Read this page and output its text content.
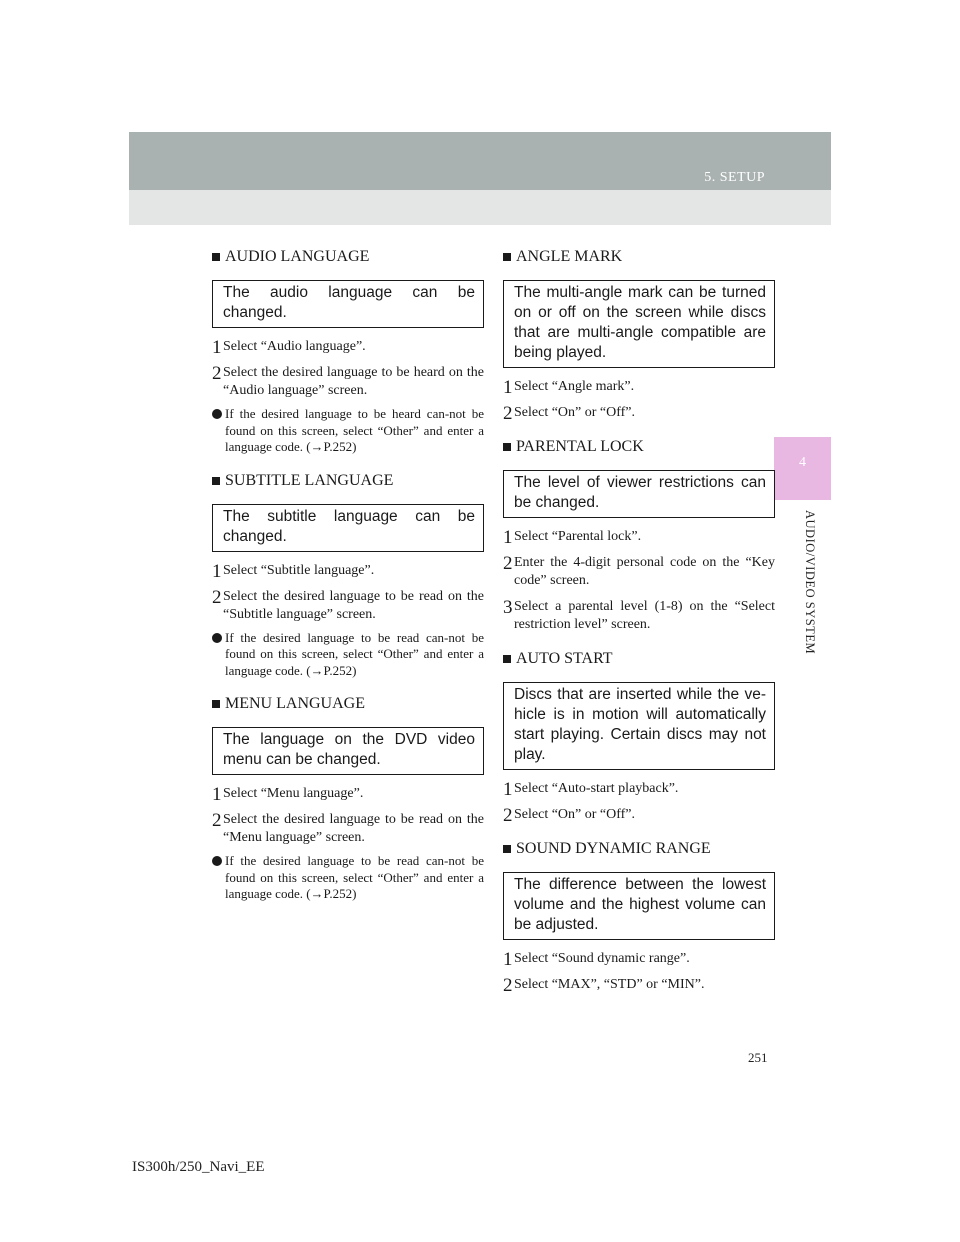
5. SETUP
4
AUDIO/VIDEO SYSTEM
AUDIO LANGUAGE
The audio language can be changed.
1 Select “Audio language”.
2 Select the desired language to be heard on the “Audio language” screen.
If the desired language to be heard can-not be found on this screen, select “Other” and enter a language code. (→P.252)
SUBTITLE LANGUAGE
The subtitle language can be changed.
1 Select “Subtitle language”.
2 Select the desired language to be read on the “Subtitle language” screen.
If the desired language to be read can-not be found on this screen, select “Other” and enter a language code. (→P.252)
MENU LANGUAGE
The language on the DVD video menu can be changed.
1 Select “Menu language”.
2 Select the desired language to be read on the “Menu language” screen.
If the desired language to be read can-not be found on this screen, select “Other” and enter a language code. (→P.252)
ANGLE MARK
The multi-angle mark can be turned on or off on the screen while discs that are multi-angle compatible are being played.
1 Select “Angle mark”.
2 Select “On” or “Off”.
PARENTAL LOCK
The level of viewer restrictions can be changed.
1 Select “Parental lock”.
2 Enter the 4-digit personal code on the “Key code” screen.
3 Select a parental level (1-8) on the “Select restriction level” screen.
AUTO START
Discs that are inserted while the ve-hicle is in motion will automatically start playing. Certain discs may not play.
1 Select “Auto-start playback”.
2 Select “On” or “Off”.
SOUND DYNAMIC RANGE
The difference between the lowest volume and the highest volume can be adjusted.
1 Select “Sound dynamic range”.
2 Select “MAX”, “STD” or “MIN”.
251
IS300h/250_Navi_EE
